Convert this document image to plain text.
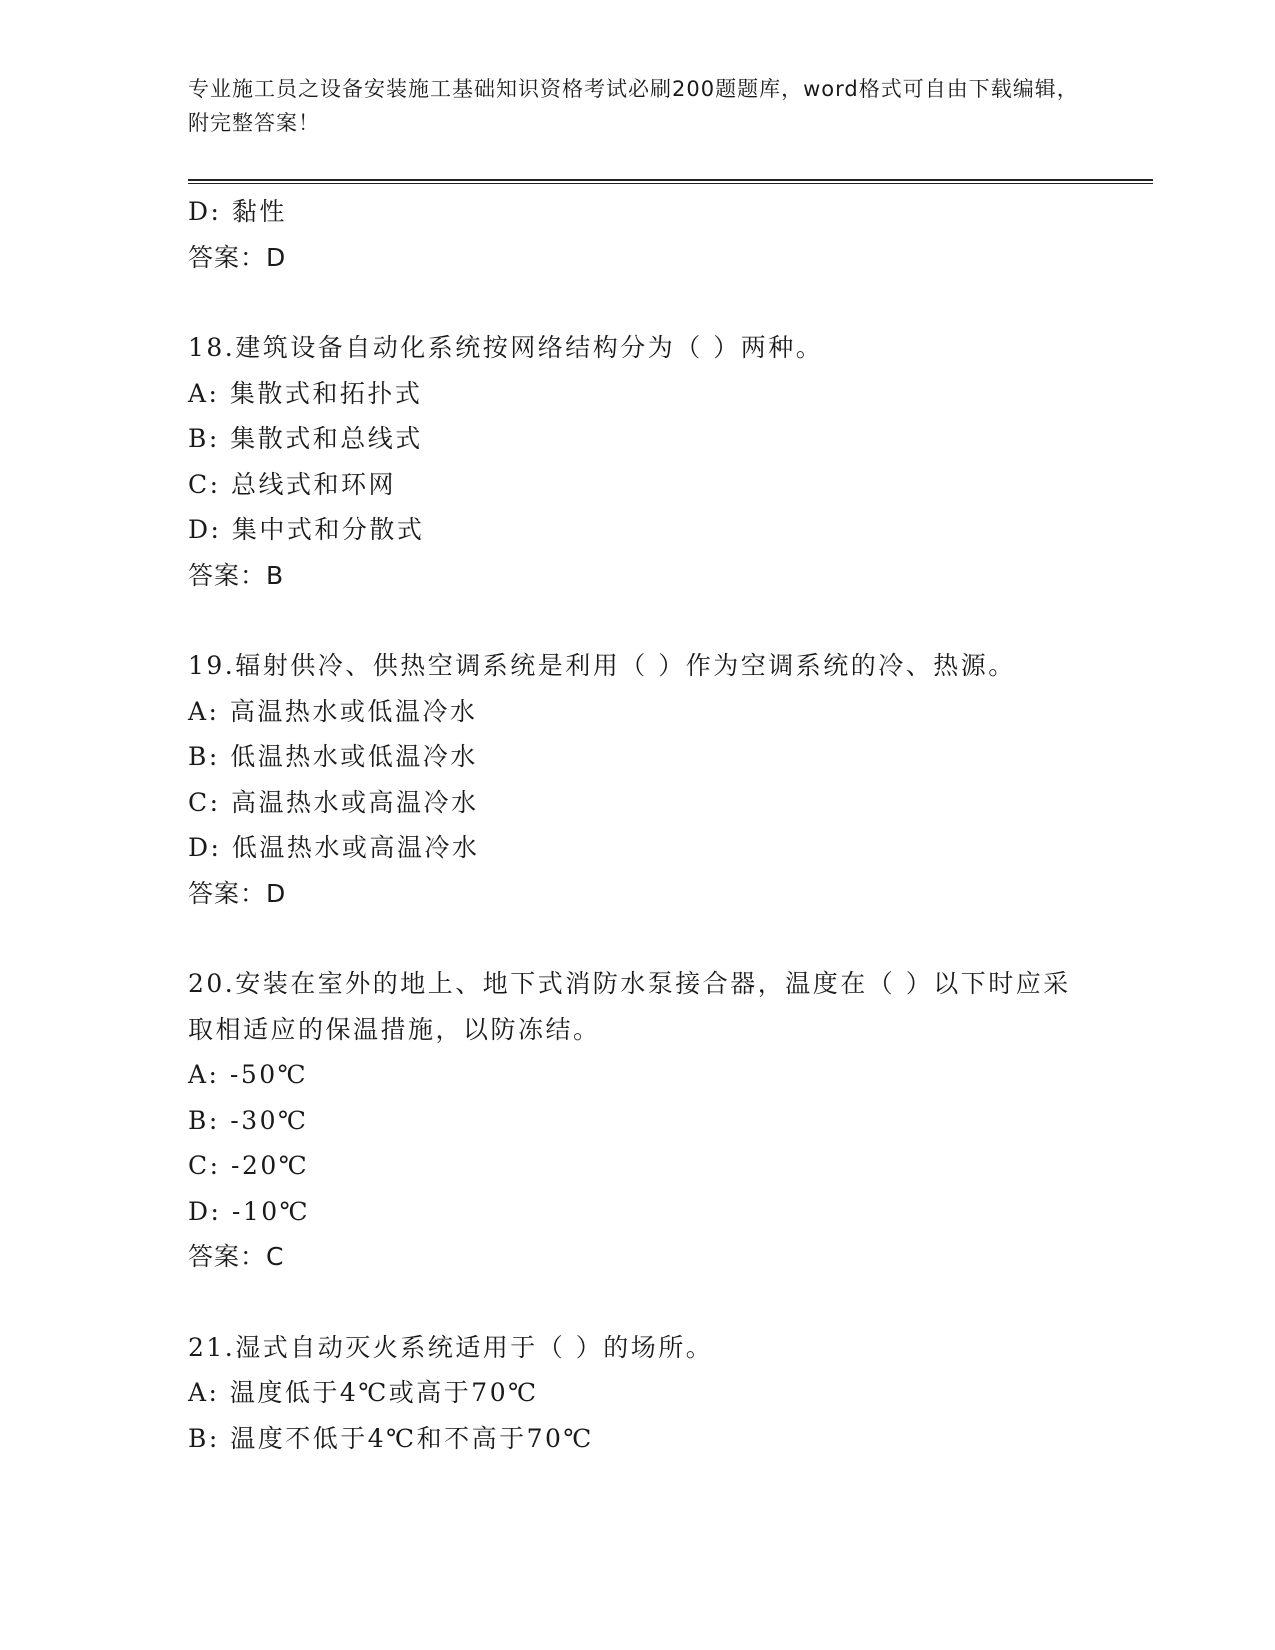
专业施工员之设备安装施工基础知识资格考试必刷200题题库，word格式可自由下载编辑，附完整答案！
D: 黏性
答案：D
18.建筑设备自动化系统按网络结构分为（ ）两种。
A: 集散式和拓扑式
B: 集散式和总线式
C: 总线式和环网
D: 集中式和分散式
答案：B
19.辐射供冷、供热空调系统是利用（ ）作为空调系统的冷、热源。
A: 高温热水或低温冷水
B: 低温热水或低温冷水
C: 高温热水或高温冷水
D: 低温热水或高温冷水
答案：D
20.安装在室外的地上、地下式消防水泵接合器，温度在（ ）以下时应采取相适应的保温措施，以防冻结。
A: -50℃
B: -30℃
C: -20℃
D: -10℃
答案：C
21.湿式自动灭火系统适用于（ ）的场所。
A: 温度低于4℃或高于70℃
B: 温度不低于4℃和不高于70℃
